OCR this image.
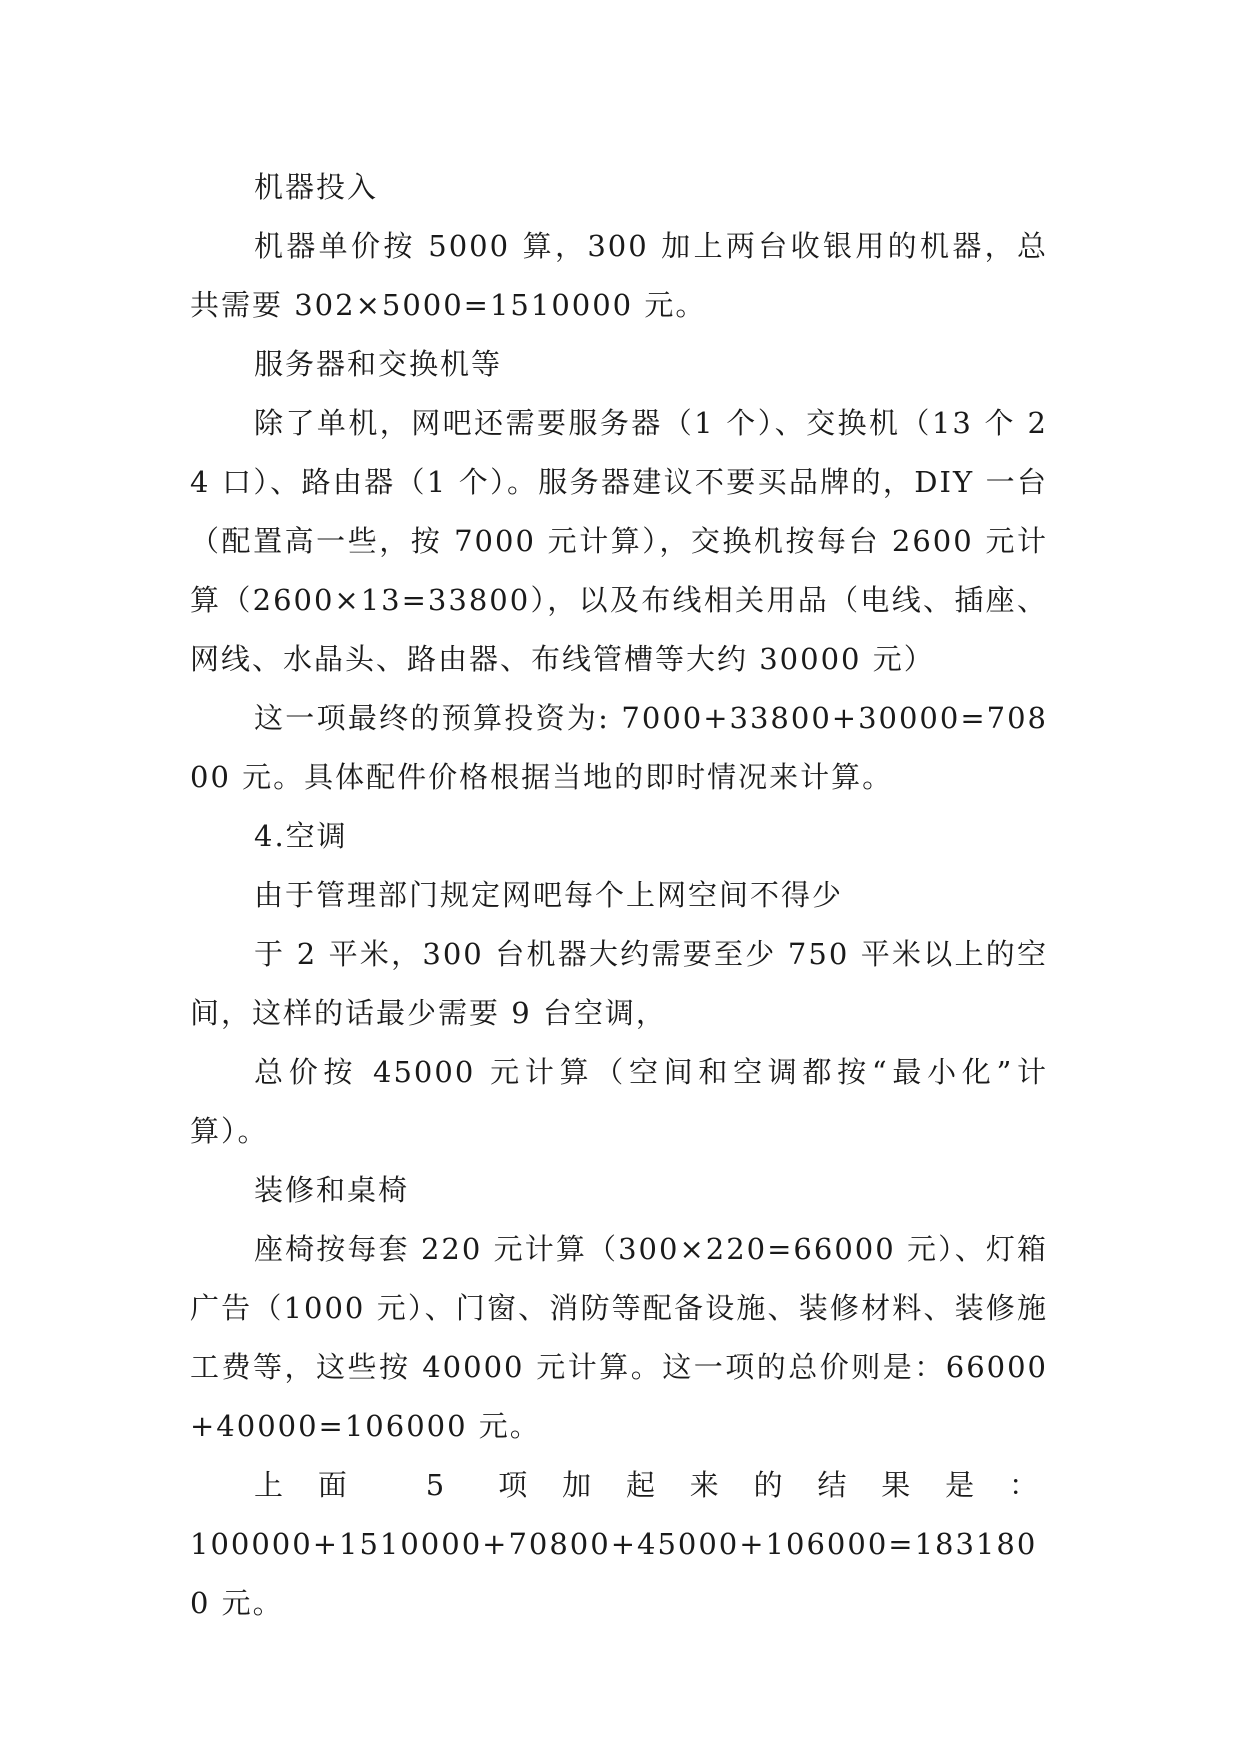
机器投入

机器单价按 5000 算，300 加上两台收银用的机器，总共需要 302×5000=1510000 元。

服务器和交换机等

除了单机，网吧还需要服务器（1 个）、交换机（13 个 24 口）、路由器（1 个）。服务器建议不要买品牌的，DIY 一台（配置高一些，按 7000 元计算），交换机按每台 2600 元计算（2600×13=33800），以及布线相关用品（电线、插座、网线、水晶头、路由器、布线管槽等大约 30000 元）

这一项最终的预算投资为: 7000+33800+30000=70800 元。具体配件价格根据当地的即时情况来计算。

4.空调

由于管理部门规定网吧每个上网空间不得少

于 2 平米，300 台机器大约需要至少 750 平米以上的空间，这样的话最少需要 9 台空调，

总价按 45000 元计算（空间和空调都按“最小化”计算）。

装修和桌椅

座椅按每套 220 元计算（300×220=66000 元）、灯箱广告（1000 元）、门窗、消防等配备设施、装修材料、装修施工费等，这些按 40000 元计算。这一项的总价则是：66000+40000=106000 元。

上面 5 项加起来的结果是：

100000+1510000+70800+45000+106000=1831800 元。
